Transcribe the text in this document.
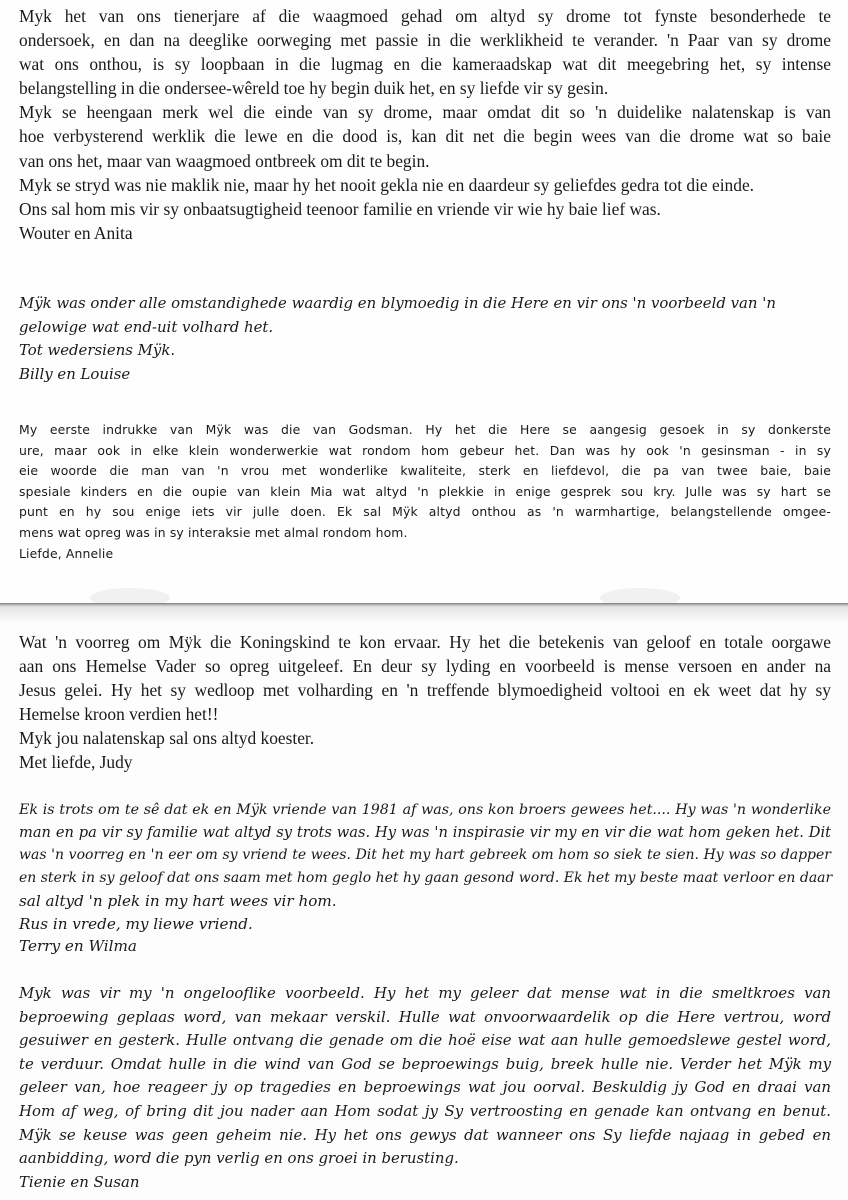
Myk het van ons tienerjare af die waagmoed gehad om altyd sy drome tot fynste besonderhede te
ondersoek, en dan na deeglike oorweging met passie in die werklikheid te verander. 'n Paar van sy drome
wat ons onthou, is sy loopbaan in die lugmag en die kameraadskap wat dit meegebring het, sy intense
belangstelling in die ondersee-wêreld toe hy begin duik het, en sy liefde vir sy gesin.
Myk se heengaan merk wel die einde van sy drome, maar omdat dit so 'n duidelike nalatenskap is van
hoe verbysterend werklik die lewe en die dood is, kan dit net die begin wees van die drome wat so baie
van ons het, maar van waagmoed ontbreek om dit te begin.
Myk se stryd was nie maklik nie, maar hy het nooit gekla nie en daardeur sy geliefdes gedra tot die einde.
Ons sal hom mis vir sy onbaatsugtigheid teenoor familie en vriende vir wie hy baie lief was.
Wouter en Anita
Mÿk was onder alle omstandighede waardig en blymoedig in die Here en vir ons 'n voorbeeld van 'n
gelowige wat end-uit volhard het.
Tot wedersiens Mÿk.
Billy en Louise
My eerste indrukke van Mÿk was die van Godsman. Hy het die Here se aangesig gesoek in sy donkerste
ure, maar ook in elke klein wonderwerkie wat rondom hom gebeur het. Dan was hy ook 'n gesinsman - in sy
eie woorde die man van 'n vrou met wonderlike kwaliteite, sterk en liefdevol, die pa van twee baie, baie
spesiale kinders en die oupie van klein Mia wat altyd 'n plekkie in enige gesprek sou kry. Julle was sy hart se
punt en hy sou enige iets vir julle doen. Ek sal Mÿk altyd onthou as 'n warmhartige, belangstellende omgee-
mens wat opreg was in sy interaksie met almal rondom hom.
Liefde, Annelie
Wat 'n voorreg om Mÿk die Koningskind te kon ervaar. Hy het die betekenis van geloof en totale oorgawe
aan ons Hemelse Vader so opreg uitgeleef. En deur sy lyding en voorbeeld is mense versoen en ander na
Jesus gelei. Hy het sy wedloop met volharding en 'n treffende blymoedigheid voltooi en ek weet dat hy sy
Hemelse kroon verdien het!!
Myk jou nalatenskap sal ons altyd koester.
Met liefde, Judy
Ek is trots om te sê dat ek en Mÿk vriende van 1981 af was, ons kon broers gewees het.... Hy was 'n wonderlike
man en pa vir sy familie wat altyd sy trots was. Hy was 'n inspirasie vir my en vir die wat hom geken het. Dit
was 'n voorreg en 'n eer om sy vriend te wees. Dit het my hart gebreek om hom so siek te sien. Hy was so dapper
en sterk in sy geloof dat ons saam met hom geglo het hy gaan gesond word. Ek het my beste maat verloor en daar
sal altyd 'n plek in my hart wees vir hom.
Rus in vrede, my liewe vriend.
Terry en Wilma
Myk was vir my 'n ongelooflike voorbeeld. Hy het my geleer dat mense wat in die smeltkroes van
beproewing geplaas word, van mekaar verskil. Hulle wat onvoorwaardelik op die Here vertrou, word
gesuiwer en gesterk. Hulle ontvang die genade om die hoë eise wat aan hulle gemoedslewe gestel word,
te verduur. Omdat hulle in die wind van God se beproewings buig, breek hulle nie. Verder het Mÿk my
geleer van, hoe reageer jy op tragedies en beproewings wat jou oorval. Beskuldig jy God en draai van
Hom af weg, of bring dit jou nader aan Hom sodat jy Sy vertroosting en genade kan ontvang en benut.
Mÿk se keuse was geen geheim nie. Hy het ons gewys dat wanneer ons Sy liefde najaag in gebed en
aanbidding, word die pyn verlig en ons groei in berusting.
Tienie en Susan
